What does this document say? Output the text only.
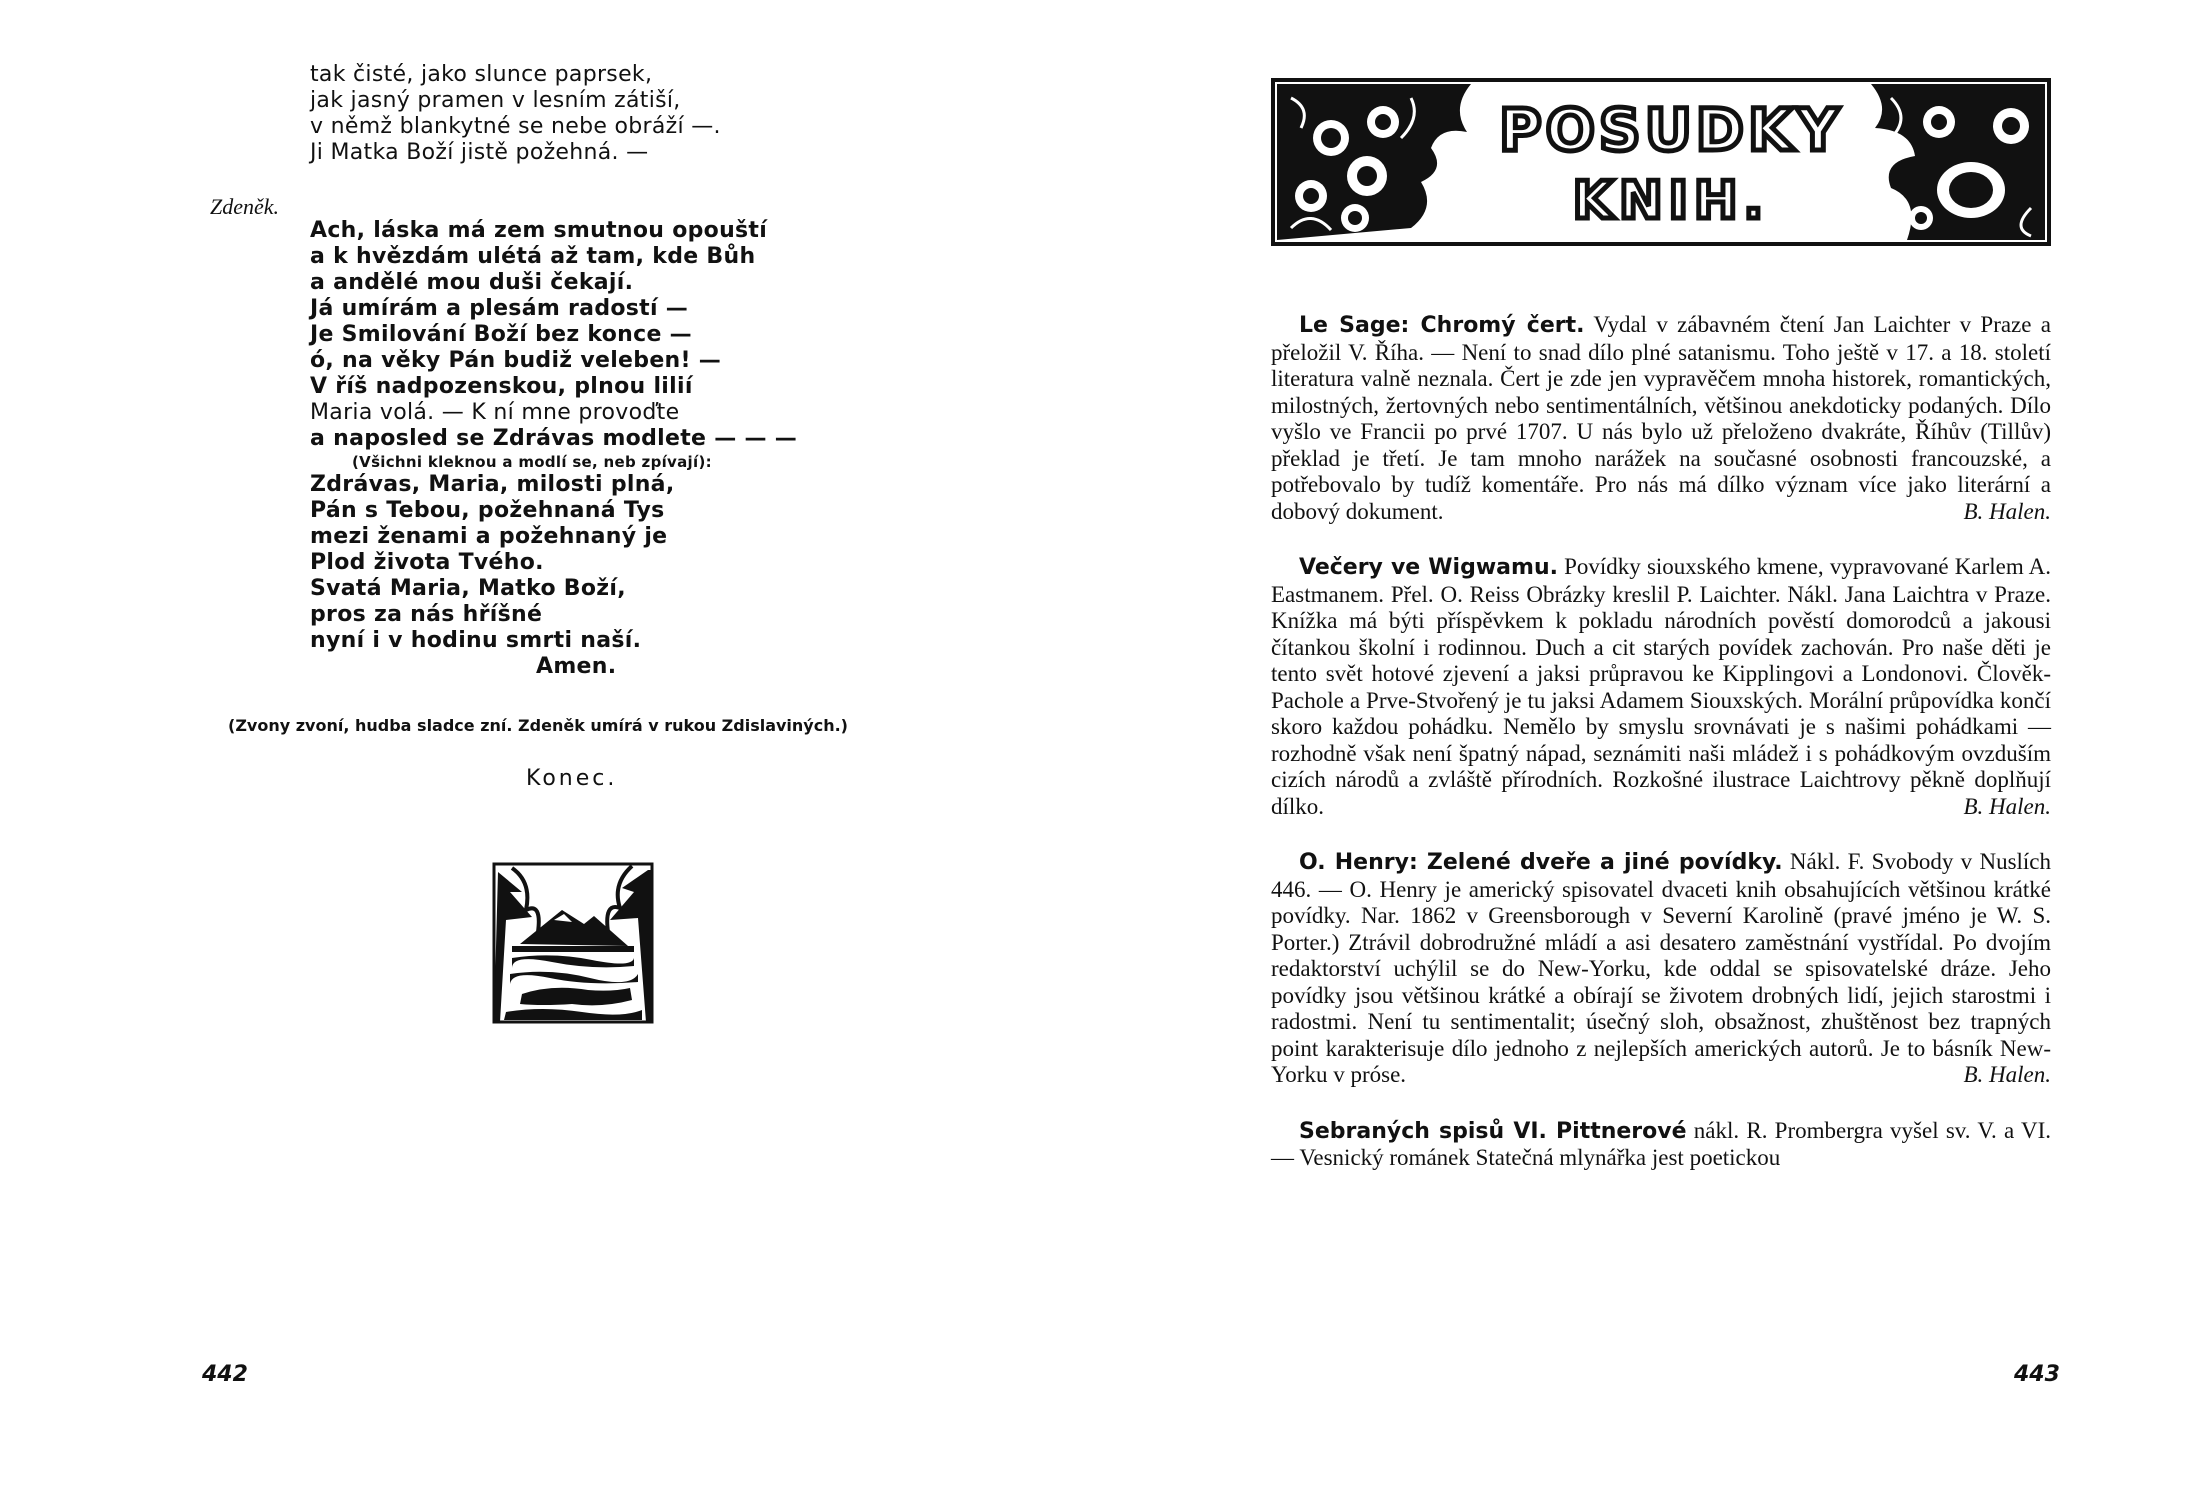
tak čisté, jako slunce paprsek,
jak jasný pramen v lesním zátiší,
v němž blankytné se nebe obráží —.
Ji Matka Boží jistě požehná. —
Ach, láska má zem smutnou opouští
a k hvězdám ulétá až tam, kde Bůh
a andělé mou duši čekají.
Já umírám a plesám radostí —
Je Smilování Boží bez konce —
ó, na věky Pán budiž veleben! —
V říš nadpozenskou, plnou lilií
Maria volá. — K ní mne provoďte
a naposled se Zdrávas modlete — — —
(Všichni kleknou a modlí se, neb zpívají):
Zdrávas, Maria, milosti plná,
Pán s Tebou, požehnaná Tys
mezi ženami a požehnaný je
Plod života Tvého.
Svatá Maria, Matko Boží,
pros za nás hříšné
nyní i v hodinu smrti naší.
Amen.
Zdeněk.
(Zvony zvoní, hudba sladce zní. Zdeněk umírá v rukou Zdislaviných.)
Konec.
442
POSUDKY
KNIH.

Le Sage: Chromý čert. Vydal v zábavném čtení Jan Laichter v Praze a přeložil V. Říha. — Není to snad dílo plné satanismu. Toho ještě v 17. a 18. století literatura valně neznala. Čert je zde jen vypravěčem mnoha historek, romantických, milostných, žertovných nebo sentimentálních, většinou anekdoticky podaných. Dílo vyšlo ve Francii po prvé 1707. U nás bylo už přeloženo dvakráte, Říhův (Tillův) překlad je třetí. Je tam mnoho narážek na současné osobnosti francouzské, a potřebovalo by tudíž komentáře. Pro nás má dílko význam více jako literární a dobový dokument.	B. Halen.

Večery ve Wigwamu. Povídky siouxského kmene, vypravované Karlem A. Eastmanem. Přel. O. Reiss Obrázky kreslil P. Laichter. Nákl. Jana Laichtra v Praze. Knížka má býti příspěvkem k pokladu národních pověstí domorodců a jakousi čítankou školní i rodinnou. Duch a cit starých povídek zachován. Pro naše děti je tento svět hotové zjevení a jaksi průpravou ke Kipplingovi a Londonovi. Člověk-Pachole a Prve-Stvořený je tu jaksi Adamem Siouxských. Morální průpovídka končí skoro každou pohádku. Nemělo by smyslu srovnávati je s našimi pohádkami — rozhodně však není špatný nápad, seznámiti naši mládež i s pohádkovým ovzduším cizích národů a zvláště přírodních. Rozkošné ilustrace Laichtrovy pěkně doplňují dílko.	B. Halen.

O. Henry: Zelené dveře a jiné povídky. Nákl. F. Svobody v Nuslích 446. — O. Henry je americký spisovatel dvaceti knih obsahujících většinou krátké povídky. Nar. 1862 v Greensborough v Severní Karolině (pravé jméno je W. S. Porter.) Ztrávil dobrodružné mládí a asi desatero zaměstnání vystřídal. Po dvojím redaktorství uchýlil se do New-Yorku, kde oddal se spisovatelské dráze. Jeho povídky jsou většinou krátké a obírají se životem drobných lidí, jejich starostmi i radostmi. Není tu sentimentalit; úsečný sloh, obsažnost, zhuštěnost bez trapných point karakterisuje dílo jednoho z nejlepších amerických autorů. Je to básník New-Yorku v próse.	B. Halen.

Sebraných spisů VI. Pittnerové nákl. R. Prombergra vyšel sv. V. a VI. — Vesnický románek Statečná mlynářka jest poetickou

443
